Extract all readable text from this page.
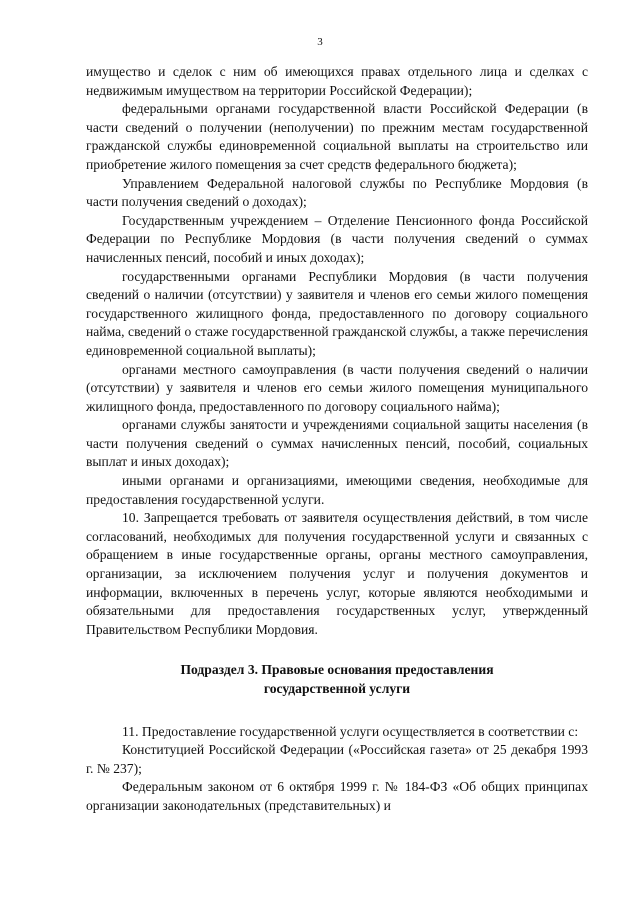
3

имущество и сделок с ним об имеющихся правах отдельного лица и сделках с недвижимым имуществом на территории Российской Федерации);

федеральными органами государственной власти Российской Федерации (в части сведений о получении (неполучении) по прежним местам государственной гражданской службы единовременной социальной выплаты на строительство или приобретение жилого помещения за счет средств федерального бюджета);

Управлением Федеральной налоговой службы по Республике Мордовия (в части получения сведений о доходах);

Государственным учреждением – Отделение Пенсионного фонда Российской Федерации по Республике Мордовия (в части получения сведений о суммах начисленных пенсий, пособий и иных доходах);

государственными органами Республики Мордовия (в части получения сведений о наличии (отсутствии) у заявителя и членов его семьи жилого помещения государственного жилищного фонда, предоставленного по договору социального найма, сведений о стаже государственной гражданской службы, а также перечисления единовременной социальной выплаты);

органами местного самоуправления (в части получения сведений о наличии (отсутствии) у заявителя и членов его семьи жилого помещения муниципального жилищного фонда, предоставленного по договору социального найма);

органами службы занятости и учреждениями социальной защиты населения (в части получения сведений о суммах начисленных пенсий, пособий, социальных выплат и иных доходах);

иными органами и организациями, имеющими сведения, необходимые для предоставления государственной услуги.

10. Запрещается требовать от заявителя осуществления действий, в том числе согласований, необходимых для получения государственной услуги и связанных с обращением в иные государственные органы, органы местного самоуправления, организации, за исключением получения услуг и получения документов и информации, включенных в перечень услуг, которые являются необходимыми и обязательными для предоставления государственных услуг, утвержденный Правительством Республики Мордовия.

Подраздел 3. Правовые основания предоставления
государственной услуги

11. Предоставление государственной услуги осуществляется в соответствии с:

Конституцией Российской Федерации («Российская газета» от 25 декабря 1993 г. № 237);

Федеральным законом от 6 октября 1999 г. № 184-ФЗ «Об общих принципах организации законодательных (представительных) и
